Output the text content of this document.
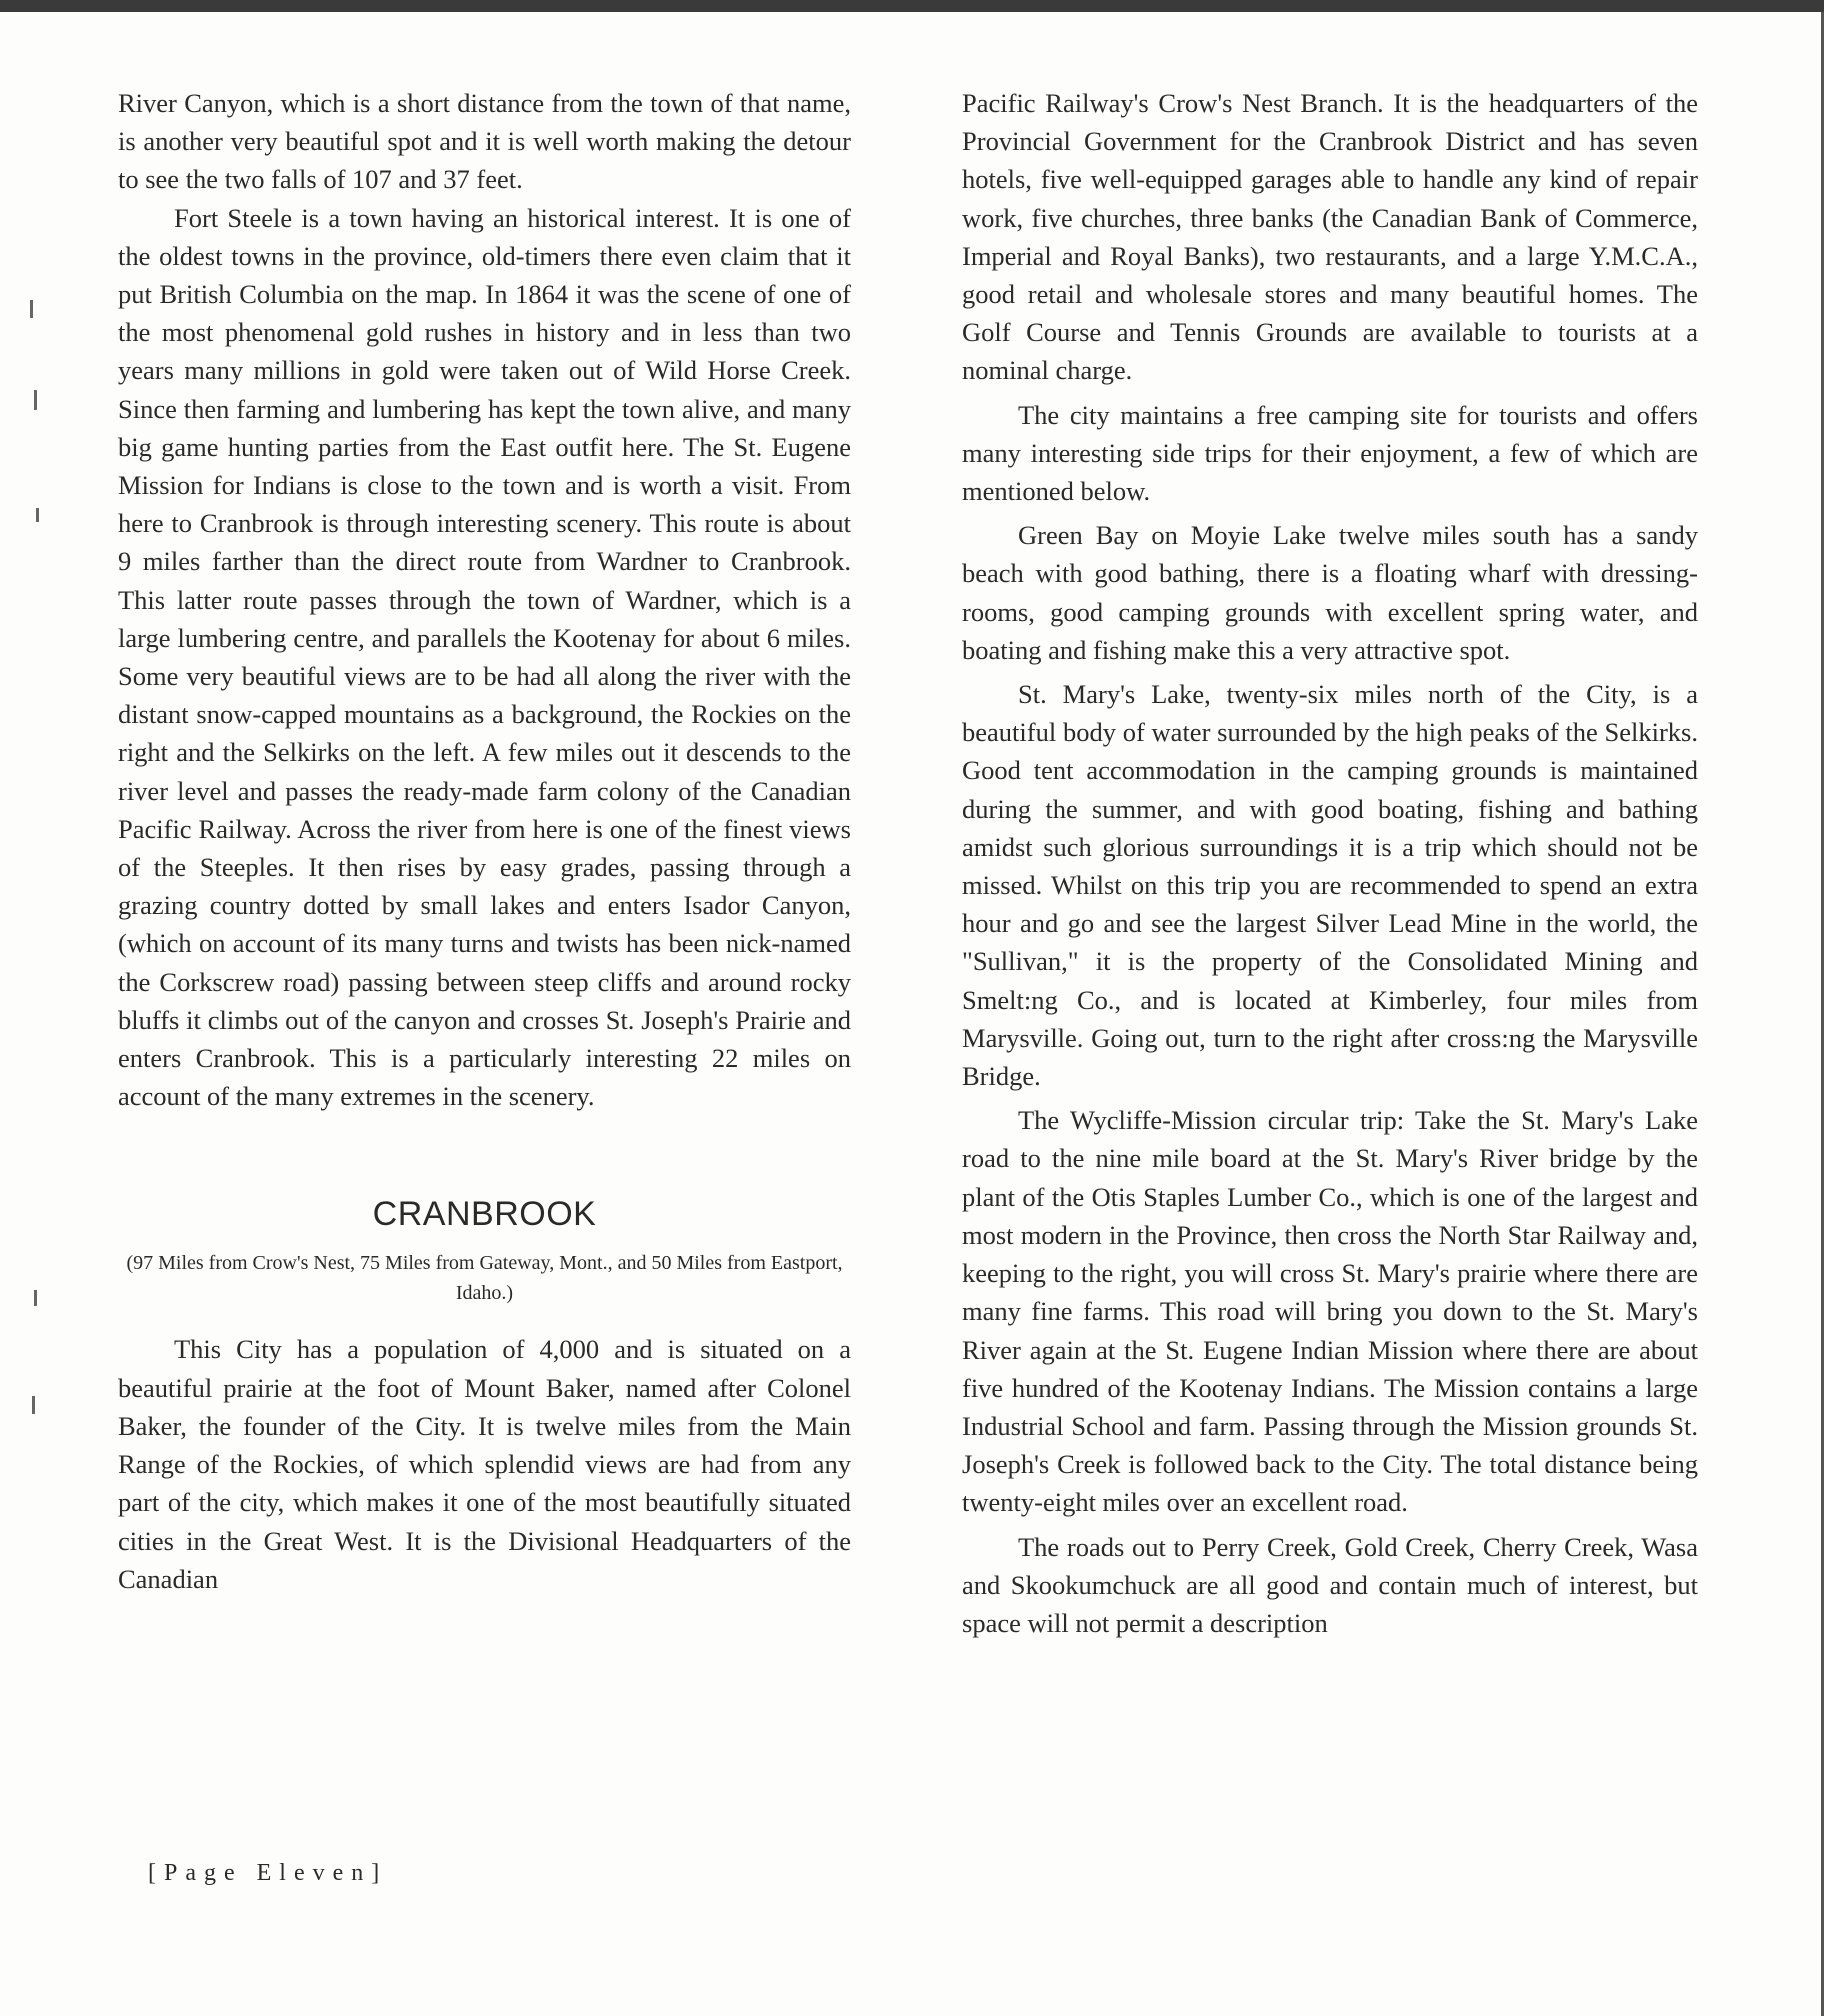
River Canyon, which is a short distance from the town of that name, is another very beautiful spot and it is well worth making the detour to see the two falls of 107 and 37 feet.

Fort Steele is a town having an historical interest. It is one of the oldest towns in the province, old-timers there even claim that it put British Columbia on the map. In 1864 it was the scene of one of the most phenomenal gold rushes in history and in less than two years many millions in gold were taken out of Wild Horse Creek. Since then farming and lumbering has kept the town alive, and many big game hunting parties from the East outfit here. The St. Eugene Mission for Indians is close to the town and is worth a visit. From here to Cranbrook is through interesting scenery. This route is about 9 miles farther than the direct route from Wardner to Cranbrook. This latter route passes through the town of Wardner, which is a large lumbering centre, and parallels the Kootenay for about 6 miles. Some very beautiful views are to be had all along the river with the distant snow-capped mountains as a background, the Rockies on the right and the Selkirks on the left. A few miles out it descends to the river level and passes the ready-made farm colony of the Canadian Pacific Railway. Across the river from here is one of the finest views of the Steeples. It then rises by easy grades, passing through a grazing country dotted by small lakes and enters Isador Canyon, (which on account of its many turns and twists has been nick-named the Corkscrew road) passing between steep cliffs and around rocky bluffs it climbs out of the canyon and crosses St. Joseph's Prairie and enters Cranbrook. This is a particularly interesting 22 miles on account of the many extremes in the scenery.

CRANBROOK
(97 Miles from Crow's Nest, 75 Miles from Gateway, Mont., and 50 Miles from Eastport, Idaho.)

This City has a population of 4,000 and is situated on a beautiful prairie at the foot of Mount Baker, named after Colonel Baker, the founder of the City. It is twelve miles from the Main Range of the Rockies, of which splendid views are had from any part of the city, which makes it one of the most beautifully situated cities in the Great West. It is the Divisional Headquarters of the Canadian

Pacific Railway's Crow's Nest Branch. It is the headquarters of the Provincial Government for the Cranbrook District and has seven hotels, five well-equipped garages able to handle any kind of repair work, five churches, three banks (the Canadian Bank of Commerce, Imperial and Royal Banks), two restaurants, and a large Y.M.C.A., good retail and wholesale stores and many beautiful homes. The Golf Course and Tennis Grounds are available to tourists at a nominal charge.

The city maintains a free camping site for tourists and offers many interesting side trips for their enjoyment, a few of which are mentioned below.

Green Bay on Moyie Lake twelve miles south has a sandy beach with good bathing, there is a floating wharf with dressing-rooms, good camping grounds with excellent spring water, and boating and fishing make this a very attractive spot.

St. Mary's Lake, twenty-six miles north of the City, is a beautiful body of water surrounded by the high peaks of the Selkirks. Good tent accommodation in the camping grounds is maintained during the summer, and with good boating, fishing and bathing amidst such glorious surroundings it is a trip which should not be missed. Whilst on this trip you are recommended to spend an extra hour and go and see the largest Silver Lead Mine in the world, the "Sullivan," it is the property of the Consolidated Mining and Smelt:ng Co., and is located at Kimberley, four miles from Marysville. Going out, turn to the right after cross:ng the Marysville Bridge.

The Wycliffe-Mission circular trip: Take the St. Mary's Lake road to the nine mile board at the St. Mary's River bridge by the plant of the Otis Staples Lumber Co., which is one of the largest and most modern in the Province, then cross the North Star Railway and, keeping to the right, you will cross St. Mary's prairie where there are many fine farms. This road will bring you down to the St. Mary's River again at the St. Eugene Indian Mission where there are about five hundred of the Kootenay Indians. The Mission contains a large Industrial School and farm. Passing through the Mission grounds St. Joseph's Creek is followed back to the City. The total distance being twenty-eight miles over an excellent road.

The roads out to Perry Creek, Gold Creek, Cherry Creek, Wasa and Skookumchuck are all good and contain much of interest, but space will not permit a description

[Page Eleven]
